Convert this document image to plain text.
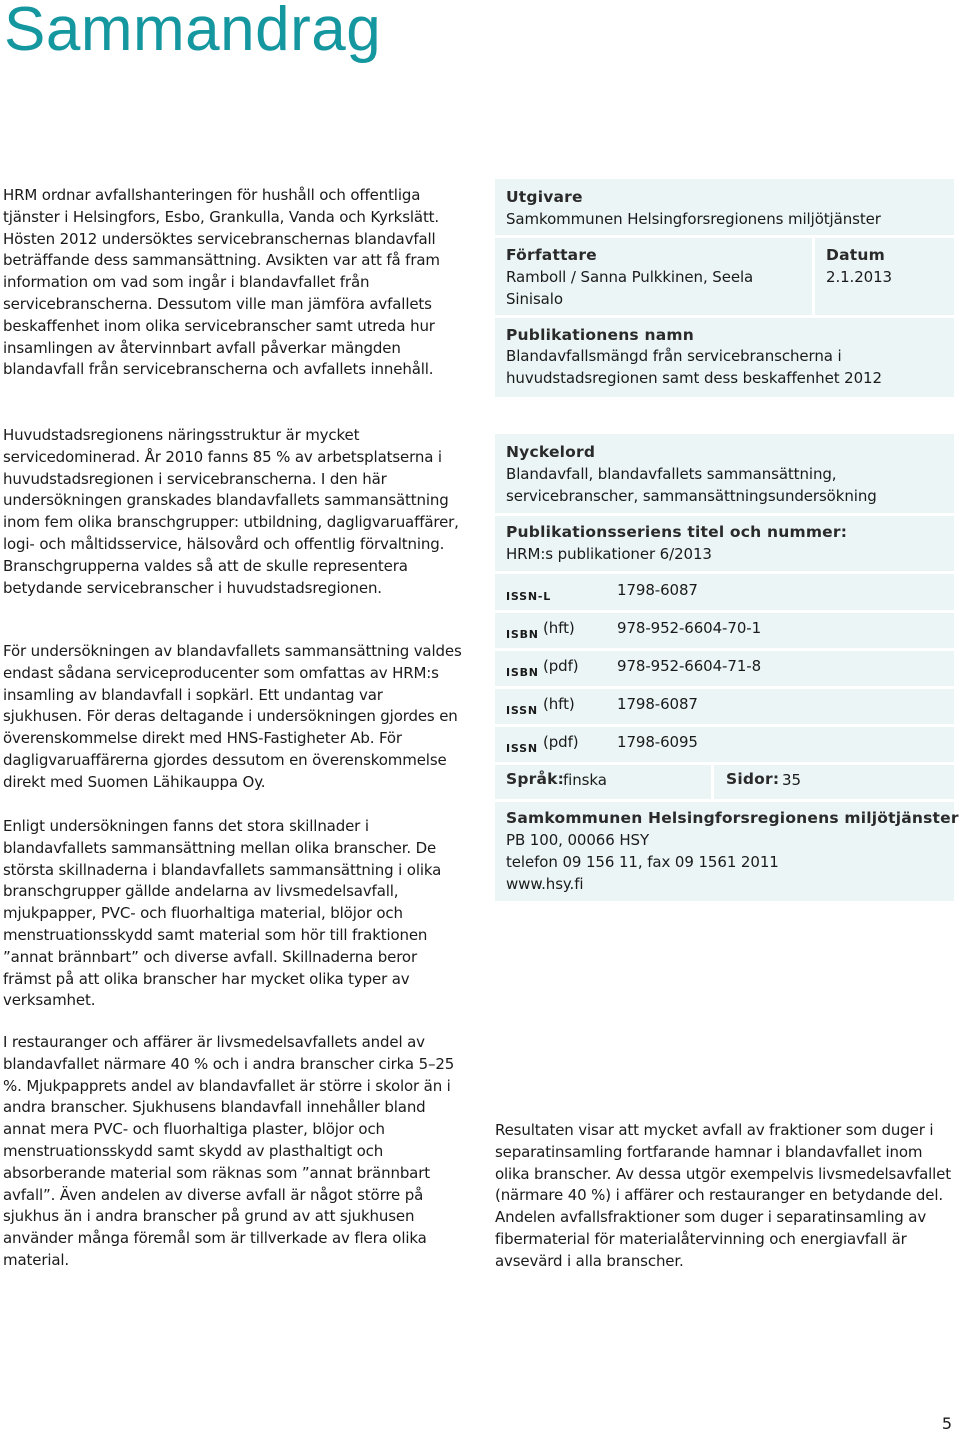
Sammandrag

HRM ordnar avfallshanteringen för hushåll och offentliga tjänster i Helsingfors, Esbo, Grankulla, Vanda och Kyrkslätt. Hösten 2012 undersöktes servicebranschernas blandavfall beträffande dess sammansättning. Avsikten var att få fram information om vad som ingår i blandavfallet från servicebranscherna. Dessutom ville man jämföra avfallets beskaffenhet inom olika servicebranscher samt utreda hur insamlingen av återvinnbart avfall påverkar mängden blandavfall från servicebranscherna och avfallets innehåll.

Huvudstadsregionens näringsstruktur är mycket servicedominerad. År 2010 fanns 85 % av arbetsplatserna i huvudstadsregionen i servicebranscherna. I den här undersökningen granskades blandavfallets sammansättning inom fem olika branschgrupper: utbildning, dagligvaruaffärer, logi- och måltidsservice, hälsovård och offentlig förvaltning. Branschgrupperna valdes så att de skulle representera betydande servicebranscher i huvudstadsregionen.

För undersökningen av blandavfallets sammansättning valdes endast sådana serviceproducenter som omfattas av HRM:s insamling av blandavfall i sopkärl. Ett undantag var sjukhusen. För deras deltagande i undersökningen gjordes en överenskommelse direkt med HNS-Fastigheter Ab. För dagligvaruaffärerna gjordes dessutom en överenskommelse direkt med Suomen Lähikauppa Oy.

Enligt undersökningen fanns det stora skillnader i blandavfallets sammansättning mellan olika branscher. De största skillnaderna i blandavfallets sammansättning i olika branschgrupper gällde andelarna av livsmedelsavfall, mjukpapper, PVC- och fluorhaltiga material, blöjor och menstruationsskydd samt material som hör till fraktionen ”annat brännbart” och diverse avfall. Skillnaderna beror främst på att olika branscher har mycket olika typer av verksamhet.

I restauranger och affärer är livsmedelsavfallets andel av blandavfallet närmare 40 % och i andra branscher cirka 5–25 %. Mjukpapprets andel av blandavfallet är större i skolor än i andra branscher. Sjukhusens blandavfall innehåller bland annat mera PVC- och fluorhaltiga plaster, blöjor och menstruationsskydd samt skydd av plasthaltigt och absorberande material som räknas som ”annat brännbart avfall”. Även andelen av diverse avfall är något större på sjukhus än i andra branscher på grund av att sjukhusen använder många föremål som är tillverkade av flera olika material.

Utgivare
Samkommunen Helsingforsregionens miljötjänster
Författare
Ramboll / Sanna Pulkkinen, Seela Sinisalo
Datum
2.1.2013
Publikationens namn
Blandavfallsmängd från servicebranscherna i huvudstadsregionen samt dess beskaffenhet 2012
Nyckelord
Blandavfall, blandavfallets sammansättning, servicebranscher, sammansättningsundersökning
Publikationsseriens titel och nummer:
HRM:s publikationer 6/2013
ISSN-L	1798-6087
ISBN (hft)	978-952-6604-70-1
ISBN (pdf)	978-952-6604-71-8
ISSN (hft)	1798-6087
ISSN (pdf)	1798-6095
Språk:
finska	Sidor: 35
Samkommunen Helsingforsregionens miljötjänster
PB 100, 00066 HSY
telefon 09 156 11, fax 09 1561 2011
www.hsy.fi

Resultaten visar att mycket avfall av fraktioner som duger i separatinsamling fortfarande hamnar i blandavfallet inom olika branscher. Av dessa utgör exempelvis livsmedelsavfallet (närmare 40 %) i affärer och restauranger en betydande del. Andelen avfallsfraktioner som duger i separatinsamling av fibermaterial för materialåtervinning och energiavfall är avsevärd i alla branscher.

5
